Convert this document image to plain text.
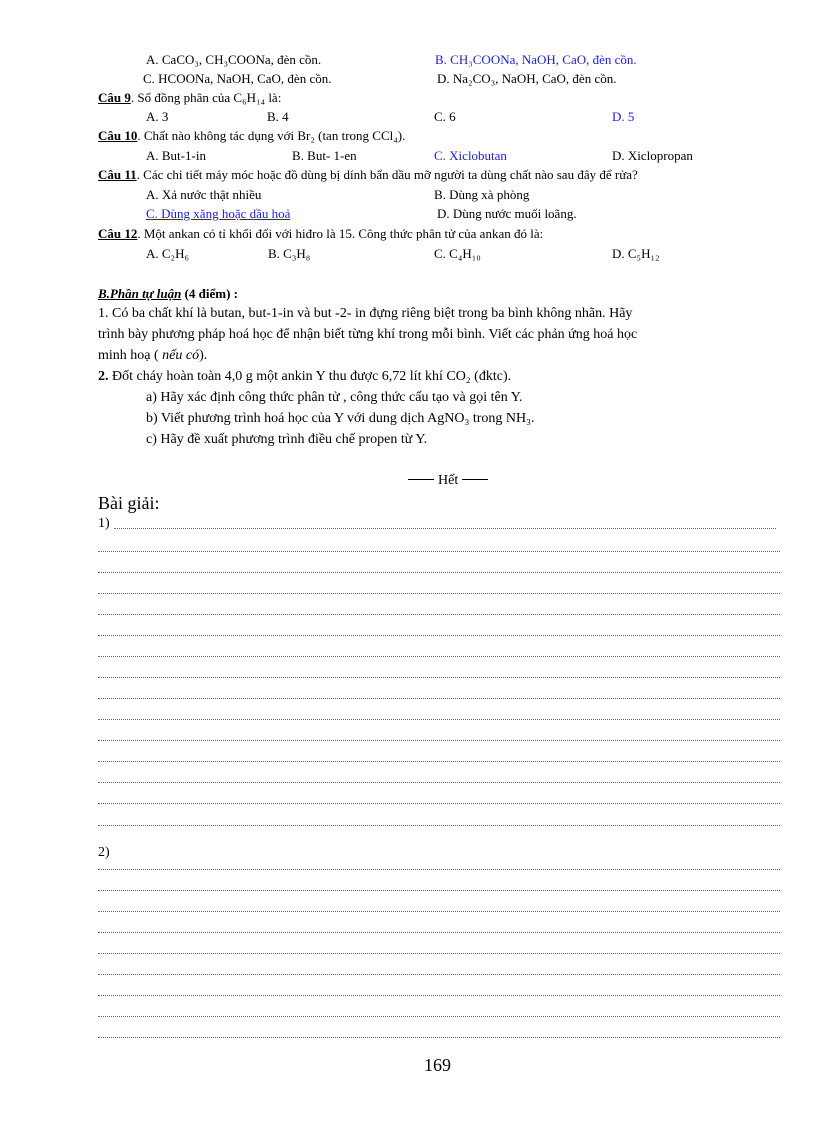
A. CaCO₃, CH₃COONa, đèn cồn.	B. CH₃COONa, NaOH, CaO, đèn cồn.
C. HCOONa, NaOH, CaO, đèn cồn.	D. Na₂CO₃, NaOH, CaO, đèn cồn.
Câu 9. Số đồng phân của C₆H₁₄ là:
A. 3	B. 4	C. 6	D. 5
Câu 10. Chất nào không tác dụng với Br₂ (tan trong CCl₄).
A. But-1-in	B. But- 1-en	C. Xiclobutan	D. Xiclopropan
Câu 11. Các chi tiết máy móc hoặc đồ dùng bị dính bẩn dầu mỡ người ta dùng chất nào sau đây để rửa?
A. Xả nước thật nhiều	B. Dùng xà phòng
C. Dùng xăng hoặc dầu hoả	D. Dùng nước muối loãng.
Câu 12. Một ankan có tỉ khối đối với hiđro là 15. Công thức phân tử của ankan đó là:
A. C₂H₆	B. C₃H₈	C. C₄H₁₀	D. C₅H₁₂
B.Phần tự luận (4 điểm) :
1. Có ba chất khí là butan, but-1-in và but -2- in đựng riêng biệt trong ba bình không nhãn. Hãy
trình bày phương pháp hoá học để nhận biết từng khí trong mỗi bình. Viết các phản ứng hoá học
minh hoạ ( nếu có).
2. Đốt cháy hoàn toàn 4,0 g một ankin Y thu được 6,72 lít khí CO₂ (đktc).
a) Hãy xác định công thức phân tử , công thức cấu tạo và gọi tên Y.
b) Viết phương trình hoá học của Y với dung dịch AgNO₃ trong NH₃.
c) Hãy đề xuất phương trình điều chế propen từ Y.
Hết
Bài giải:
1)
2)
169
